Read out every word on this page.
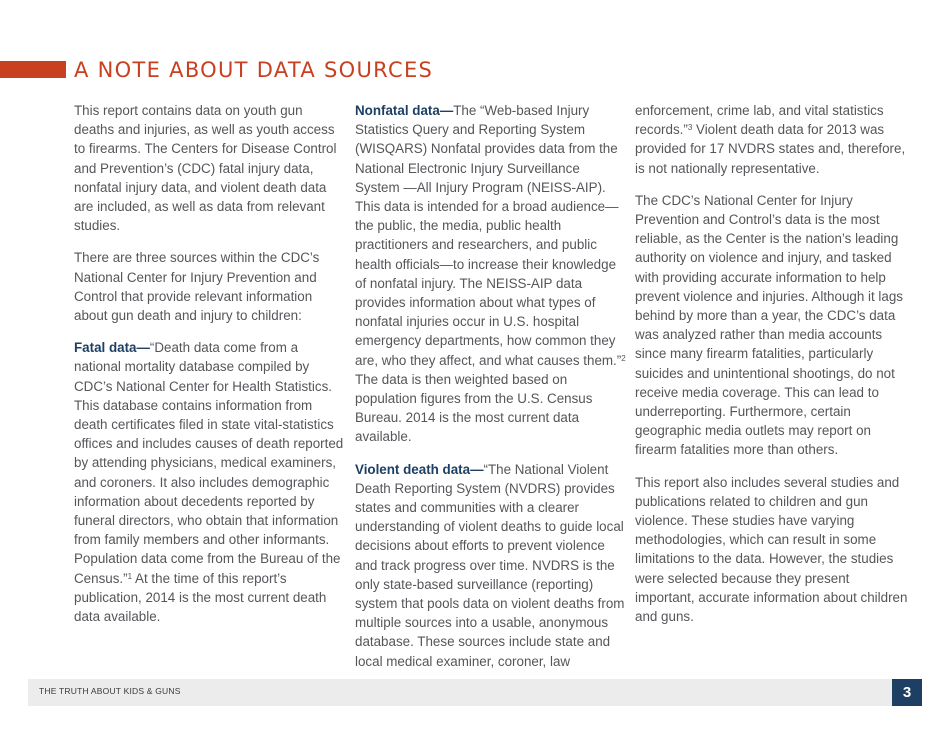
A NOTE ABOUT DATA SOURCES

This report contains data on youth gun deaths and injuries, as well as youth access to firearms. The Centers for Disease Control and Prevention’s (CDC) fatal injury data, nonfatal injury data, and violent death data are included, as well as data from relevant studies.

There are three sources within the CDC’s National Center for Injury Prevention and Control that provide relevant information about gun death and injury to children:

Fatal data—“Death data come from a national mortality database compiled by CDC’s National Center for Health Statistics. This database contains information from death certificates filed in state vital-statistics offices and includes causes of death reported by attending physicians, medical examiners, and coroners. It also includes demographic information about decedents reported by funeral directors, who obtain that information from family members and other informants. Population data come from the Bureau of the Census.”$^1$ At the time of this report’s publication, 2014 is the most current death data available.

Nonfatal data—The “Web-based Injury Statistics Query and Reporting System (WISQARS) Nonfatal provides data from the National Electronic Injury Surveillance System —All Injury Program (NEISS-AIP). This data is intended for a broad audience—the public, the media, public health practitioners and researchers, and public health officials—to increase their knowledge of nonfatal injury. The NEISS-AIP data provides information about what types of nonfatal injuries occur in U.S. hospital emergency departments, how common they are, who they affect, and what causes them.”$^2$ The data is then weighted based on population figures from the U.S. Census Bureau. 2014 is the most current data available.

Violent death data—“The National Violent Death Reporting System (NVDRS) provides states and communities with a clearer understanding of violent deaths to guide local decisions about efforts to prevent violence and track progress over time. NVDRS is the only state-based surveillance (reporting) system that pools data on violent deaths from multiple sources into a usable, anonymous database. These sources include state and local medical examiner, coroner, law

enforcement, crime lab, and vital statistics records.”$^3$ Violent death data for 2013 was provided for 17 NVDRS states and, therefore, is not nationally representative.

The CDC’s National Center for Injury Prevention and Control’s data is the most reliable, as the Center is the nation’s leading authority on violence and injury, and tasked with providing accurate information to help prevent violence and injuries. Although it lags behind by more than a year, the CDC’s data was analyzed rather than media accounts since many firearm fatalities, particularly suicides and unintentional shootings, do not receive media coverage. This can lead to underreporting. Furthermore, certain geographic media outlets may report on firearm fatalities more than others.

This report also includes several studies and publications related to children and gun violence. These studies have varying methodologies, which can result in some limitations to the data. However, the studies were selected because they present important, accurate information about children and guns.

THE TRUTH ABOUT KIDS & GUNS	3
